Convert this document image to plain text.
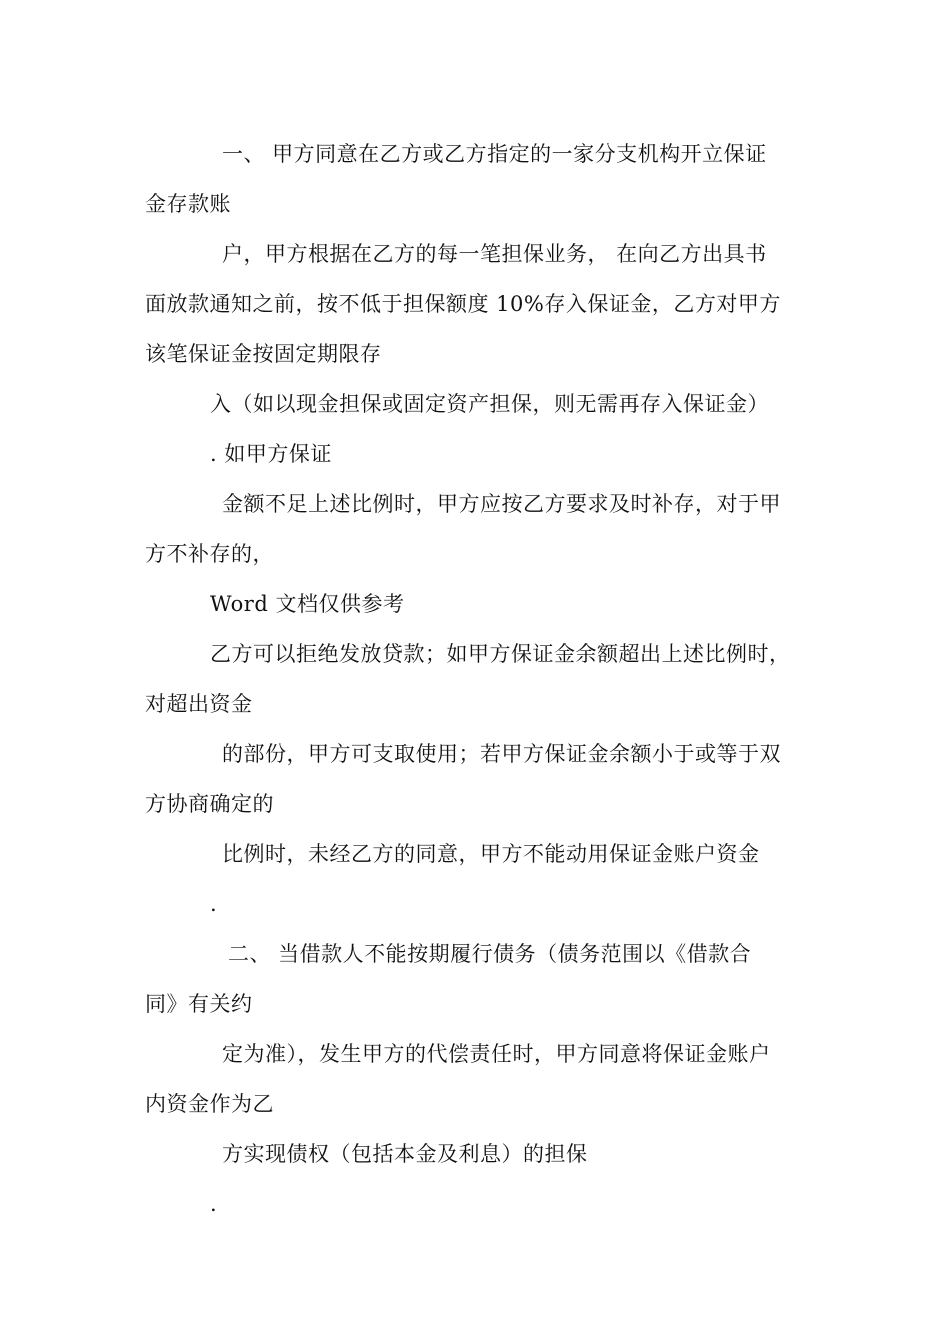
一、 甲方同意在乙方或乙方指定的一家分支机构开立保证
金存款账
户，甲方根据在乙方的每一笔担保业务， 在向乙方出具书
面放款通知之前，按不低于担保额度 10%存入保证金，乙方对甲方
该笔保证金按固定期限存
入（如以现金担保或固定资产担保，则无需再存入保证金）
. 如甲方保证
金额不足上述比例时，甲方应按乙方要求及时补存，对于甲
方不补存的，
Word 文档仅供参考
乙方可以拒绝发放贷款；如甲方保证金余额超出上述比例时，
对超出资金
的部份，甲方可支取使用；若甲方保证金余额小于或等于双
方协商确定的
比例时，未经乙方的同意，甲方不能动用保证金账户资金
.
二、 当借款人不能按期履行债务（债务范围以《借款合
同》有关约
定为准），发生甲方的代偿责任时，甲方同意将保证金账户
内资金作为乙
方实现债权（包括本金及利息）的担保
.
